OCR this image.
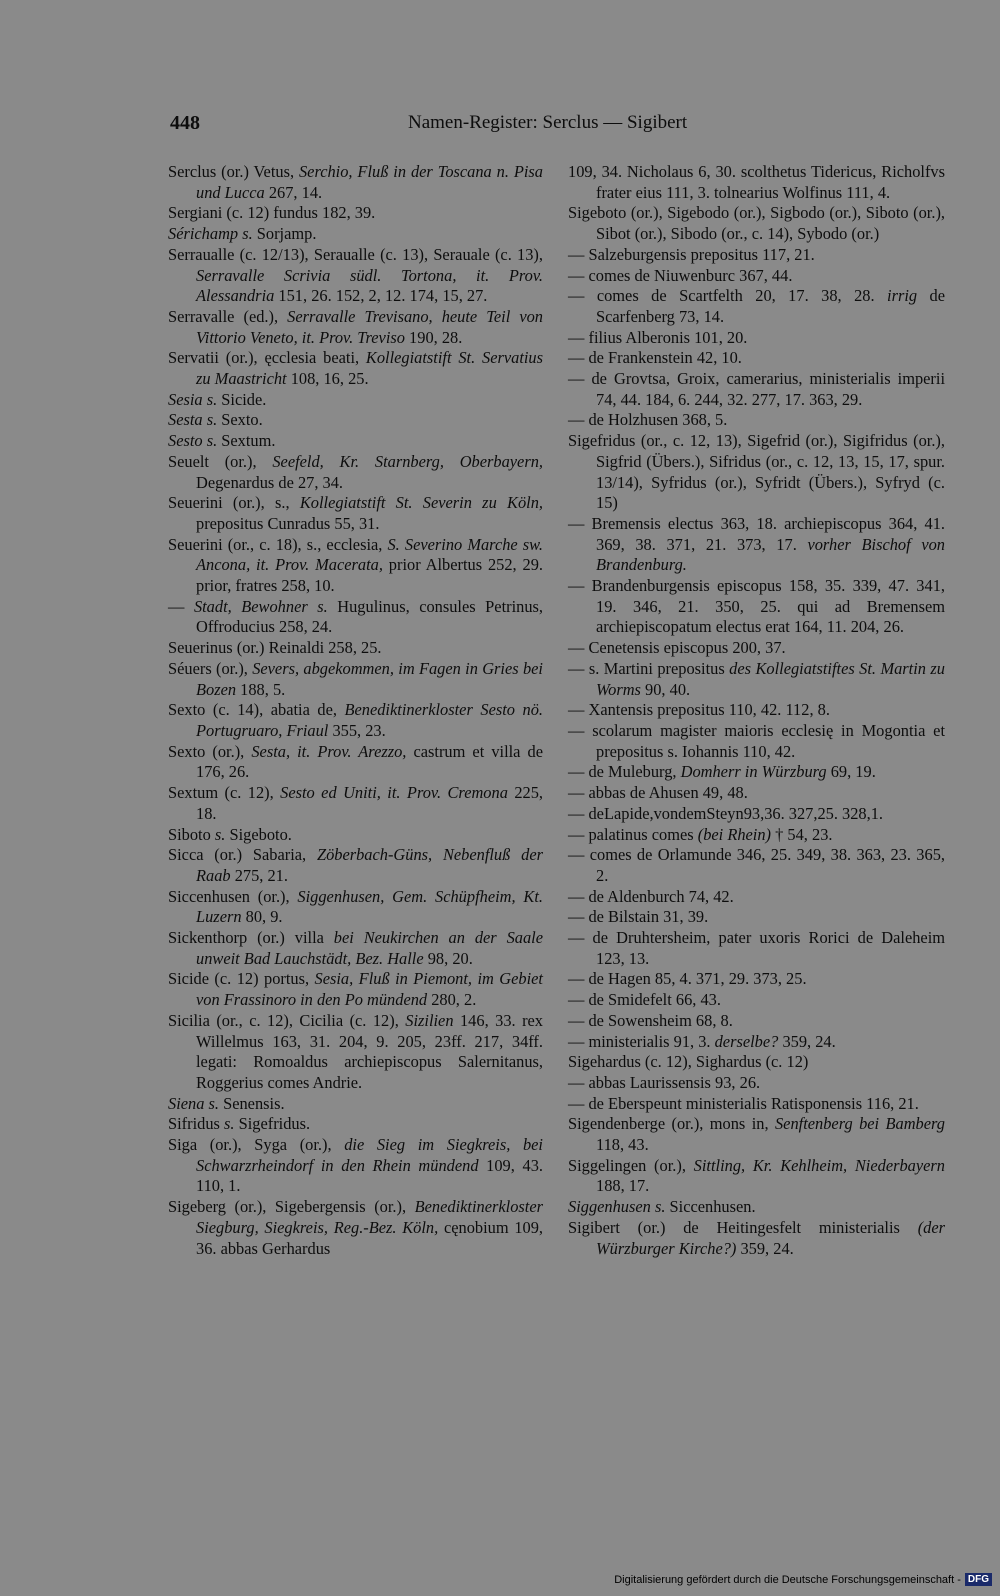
448	Namen-Register: Serclus — Sigibert

Serclus (or.) Vetus, Serchio, Fluß in der Toscana n. Pisa und Lucca 267, 14.

Sergiani (c. 12) fundus 182, 39.

Sérichamp s. Sorjamp.

Serraualle (c. 12/13), Seraualle (c. 13), Serauale (c. 13), Serravalle Scrivia südl. Tortona, it. Prov. Alessandria 151, 26. 152, 2, 12. 174, 15, 27.

Serravalle (ed.), Serravalle Trevisano, heute Teil von Vittorio Veneto, it. Prov. Treviso 190, 28.

Servatii (or.), ęcclesia beati, Kollegiatstift St. Servatius zu Maastricht 108, 16, 25.

Sesia s. Sicide.

Sesta s. Sexto.

Sesto s. Sextum.

Seuelt (or.), Seefeld, Kr. Starnberg, Oberbayern, Degenardus de 27, 34.

Seuerini (or.), s., Kollegiatstift St. Severin zu Köln, prepositus Cunradus 55, 31.

Seuerini (or., c. 18), s., ecclesia, S. Severino Marche sw. Ancona, it. Prov. Macerata, prior Albertus 252, 29. prior, fratres 258, 10.

— Stadt, Bewohner s. Hugulinus, consules Petrinus, Offroducius 258, 24.

Seuerinus (or.) Reinaldi 258, 25.

Séuers (or.), Severs, abgekommen, im Fagen in Gries bei Bozen 188, 5.

Sexto (c. 14), abatia de, Benediktinerkloster Sesto nö. Portugruaro, Friaul 355, 23.

Sexto (or.), Sesta, it. Prov. Arezzo, castrum et villa de 176, 26.

Sextum (c. 12), Sesto ed Uniti, it. Prov. Cremona 225, 18.

Siboto s. Sigeboto.

Sicca (or.) Sabaria, Zöberbach-Güns, Nebenfluß der Raab 275, 21.

Siccenhusen (or.), Siggenhusen, Gem. Schüpfheim, Kt. Luzern 80, 9.

Sickenthorp (or.) villa bei Neukirchen an der Saale unweit Bad Lauchstädt, Bez. Halle 98, 20.

Sicide (c. 12) portus, Sesia, Fluß in Piemont, im Gebiet von Frassinoro in den Po mündend 280, 2.

Sicilia (or., c. 12), Cicilia (c. 12), Sizilien 146, 33. rex Willelmus 163, 31. 204, 9. 205, 23ff. 217, 34ff. legati: Romoaldus archiepiscopus Salernitanus, Roggerius comes Andrie.

Siena s. Senensis.

Sifridus s. Sigefridus.

Siga (or.), Syga (or.), die Sieg im Siegkreis, bei Schwarzrheindorf in den Rhein mündend 109, 43. 110, 1.

Sigeberg (or.), Sigebergensis (or.), Benediktinerkloster Siegburg, Siegkreis, Reg.-Bez. Köln, cęnobium 109, 36. abbas Gerhardus

109, 34. Nicholaus 6, 30. scolthetus Tidericus, Richolfvs frater eius 111, 3. tolnearius Wolfinus 111, 4.

Sigeboto (or.), Sigebodo (or.), Sigbodo (or.), Siboto (or.), Sibot (or.), Sibodo (or., c. 14), Sybodo (or.)

— Salzeburgensis prepositus 117, 21.

— comes de Niuwenburc 367, 44.

— comes de Scartfelth 20, 17. 38, 28. irrig de Scarfenberg 73, 14.

— filius Alberonis 101, 20.

— de Frankenstein 42, 10.

— de Grovtsa, Groix, camerarius, ministerialis imperii 74, 44. 184, 6. 244, 32. 277, 17. 363, 29.

— de Holzhusen 368, 5.

Sigefridus (or., c. 12, 13), Sigefrid (or.), Sigifridus (or.), Sigfrid (Übers.), Sifridus (or., c. 12, 13, 15, 17, spur. 13/14), Syfridus (or.), Syfridt (Übers.), Syfryd (c. 15)

— Bremensis electus 363, 18. archiepiscopus 364, 41. 369, 38. 371, 21. 373, 17. vorher Bischof von Brandenburg.

— Brandenburgensis episcopus 158, 35. 339, 47. 341, 19. 346, 21. 350, 25. qui ad Bremensem archiepiscopatum electus erat 164, 11. 204, 26.

— Cenetensis episcopus 200, 37.

— s. Martini prepositus des Kollegiatstiftes St. Martin zu Worms 90, 40.

— Xantensis prepositus 110, 42. 112, 8.

— scolarum magister maioris ecclesię in Mogontia et prepositus s. Iohannis 110, 42.

— de Muleburg, Domherr in Würzburg 69, 19.

— abbas de Ahusen 49, 48.

— deLapide,vondemSteyn93,36. 327,25. 328,1.

— palatinus comes (bei Rhein) † 54, 23.

— comes de Orlamunde 346, 25. 349, 38. 363, 23. 365, 2.

— de Aldenburch 74, 42.

— de Bilstain 31, 39.

— de Druhtersheim, pater uxoris Rorici de Daleheim 123, 13.

— de Hagen 85, 4. 371, 29. 373, 25.

— de Smidefelt 66, 43.

— de Sowensheim 68, 8.

— ministerialis 91, 3. derselbe? 359, 24.

Sigehardus (c. 12), Sighardus (c. 12)

— abbas Laurissensis 93, 26.

— de Eberspeunt ministerialis Ratisponensis 116, 21.

Sigendenberge (or.), mons in, Senftenberg bei Bamberg 118, 43.

Siggelingen (or.), Sittling, Kr. Kehlheim, Niederbayern 188, 17.

Siggenhusen s. Siccenhusen.

Sigibert (or.) de Heitingesfelt ministerialis (der Würzburger Kirche?) 359, 24.

Digitalisierung gefördert durch die Deutsche Forschungsgemeinschaft - DFG
